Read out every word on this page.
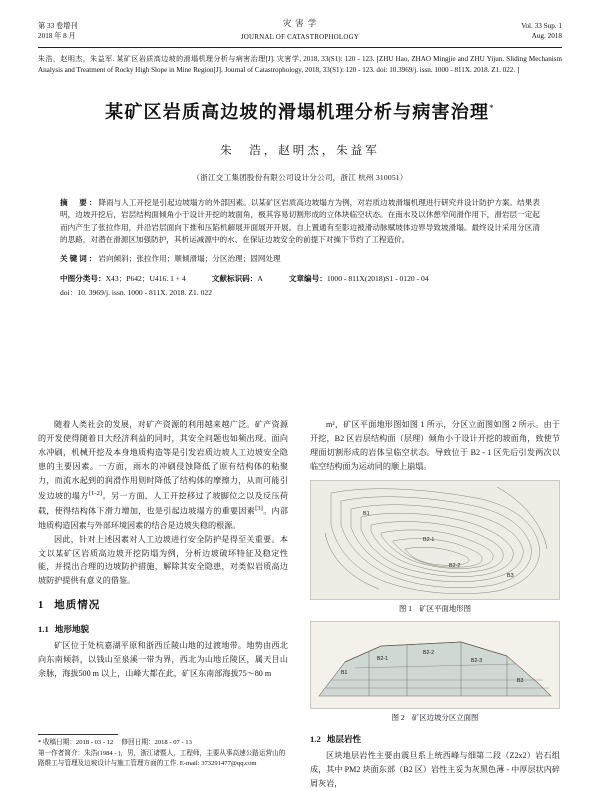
第 33 卷增刊
2018 年 8 月
灾 害 学
JOURNAL OF CATASTROPHOLOGY
Vol. 33 Sup. 1
Aug. 2018
朱浩，赵明杰，朱益军. 某矿区岩质高边坡的滑塌机理分析与病害治理[J]. 灾害学, 2018, 33(S1): 120 - 123. [ZHU Hao, ZHAO Mingjie and ZHU Yijun. Sliding Mechanism Analysis and Treatment of Rocky High Slope in Mine Region[J]. Journal of Catastrophology, 2018, 33(S1): 120 - 123. doi: 10.3969/j. issn. 1000 - 811X. 2018. Z1. 022. ]
某矿区岩质高边坡的滑塌机理分析与病害治理*
朱　浩，赵明杰，朱益军
（浙江交工集团股份有限公司设计分公司，浙江 杭州 310051）
摘　要：降雨与人工开挖是引起边坡塌方的外部因素。以某矿区岩质高边坡塌方为例，对岩质边坡滑塌机理进行研究并设计防护方案。结果表明，边坡开挖后，岩层结构面倾角小于设计开挖的坡面角，极其容易切割形成的立体块临空状态。在南水及以休憩窄间滑作用下，滑岩层一定起而内产生了张拉作用，并沿岩层面向下推和压陷机解展开面展开开展。自上置通有至影边被滑动脉赋坡体边界导致坡滑塌。最终设计采用分区清的思路，对潜在滑源区加强防护，其析运减源中的水、在保证边坡安全的前提下对操下节约了工程造价。
关键词：岩向倾斜；张拉作用；顺倾滑塌；分区治理；固网处理
中图分类号：X43；P642；U416. 1 + 4	文献标识码：A	文章编号：1000 - 811X(2018)S1 - 0120 - 04
doi：10. 3969/j. issn. 1000 - 811X. 2018. Z1. 022

随着人类社会的发展，对矿产资源的利用越来越广泛。矿产资源的开发使得随着日大经济利益的同时，其安全问题也如频出现。面向水冲刷，机械开挖及本身地质构造等是引发岩质边坡人工边坡安全隐患的主要因素。一方面，雨水的冲刷侵蚀降低了原有结构体的粘聚力，而流水起到的润滑作用则时降低了结构体的摩擦力，从而可能引发边坡的塌方[1-2]。另一方面，人工开挖移过了坡脚位之以及反压荷载，使得结构体下滑力增加，也是引起边坡塌方的重要因素[3]。内部地质构造因素与外部环境因素的结合是边坡失稳的根源。

因此，针对上述因素对人工边坡进行安全防护是得至关重要。本文以某矿区岩质高边坡开挖防塌为例，分析边坡破坏特征及稳定性能，并提出合理的边坡防护措施，解除其安全隐患，对类似岩质高边坡防护提供有意义的借鉴。

1 地质情况
1.1 地形地貌

矿区位于处杭嘉湖平原和浙西丘陵山地的过渡地带。地势由西北向东南倾斜，以钱山至泉溪一带为界，西北为山地丘陵区，属天目山余脉，海拔500 m 以上，山峰大都在此，矿区东南部海拔75～80 m

m²，矿区平面地形图如图 1 所示，分区立面图如图 2 所示。由于开挖，B2 区岩层结构面（层理）倾角小于设计开挖的坡面角，致使节理面切割形成的岩体呈临空状态。导致位于 B2 - 1 区先后引发两次以临空结构面为运动同的顺上崩塌。

B2-1
B2-2
B1
B3
图 1　矿区平面地形图
B1
B2-1
B2-2
B2-3
B3
图 2　矿区边坡分区立面图
1.2 地层岩性

区块地层岩性主要由震旦系上统西峰与细第二段（Z2x2）岩石组成，其中 PM2 块面东部（B2 区）岩性主妥为灰黑色薄 - 中厚层状内碎屑灰岩，

* 收稿日期：2018 - 03 - 12 修回日期：2018 - 07 - 13
第一作者简介：朱浩(1984 - )，男，浙江诸暨人，工程师，主要从事高速公路运营山的路维工与管理及边坡设计与施工管理方面的工作. E-mail: 373291477@qq.com
